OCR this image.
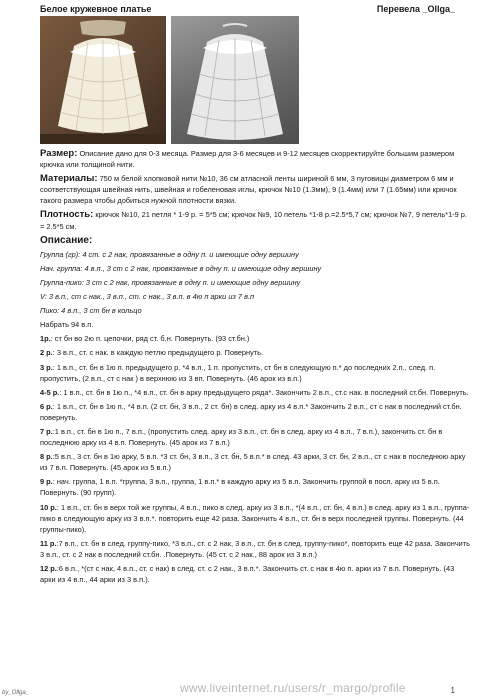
Белое кружевное платье	Перевела _Ollga_

Размер: Описание дано для 0-3 месяца. Размер для 3-6 месяцев и 9-12 месяцев скорректируйте большим размером крючка или толщиной нити.

Материалы: 750 м белой хлопковой нити №10, 36 см атласной ленты шириной 6 мм, 3 пуговицы диаметром 6 мм и соответствующая швейная нить, швейная и гобеленовая иглы, крючок №10 (1.3мм), 9 (1.4мм) или 7 (1.65мм) или крючок такого размера чтобы добиться нужной плотности вязки.

Плотность: крючок №10, 21 петля * 1-9 р. = 5*5 см; крючок №9, 10 петель *1-8 р.=2.5*5,7 см; крючок №7, 9 петель*1-9 р. = 2.5*5 см.

Описание:

Группа (гр): 4 ст. с 2 нак, провязанные в одну п. и имеющие одну вершину

Нач. группа: 4 в.п., 3 ст с 2 нак, провязанные в одну п. и имеющие одну вершину

Группа-пико: 3 ст с 2 нак, провязанные в одну п. и имеющие одну вершину

V: 3 в.п., ст с нак., 3 в.п., ст. с нак., 3 в.п. в 4ю п арки из 7 в.п

Пико: 4 в.п., 3 ст бн в кольцо

Набрать 94 в.п.

1р.: ст бн во 2ю п. цепочки, ряд ст. б.н. Повернуть. (93 ст.бн.)

2 р.: 3 в.п., ст. с нак. в каждую петлю предыдущего р. Повернуть.

3 р.: 1 в.п., ст. бн в 1ю п. предыдущего р. *4 в.п., 1 п. пропустить, ст бн в следующую п.* до последних 2.п., след. п. пропустить, (2 в.п., ст с нак ) в верхнюю из 3 вп. Повернуть. (46 арок из в.п.)

4-5 р.: 1 в.п., ст. бн в 1ю п., *4 в.п., ст. бн в арку предыдущего ряда*. Закончить 2 в.п., ст.с нак. в последний ст.бн. Повернуть.

6 р.: 1 в.п., ст. бн в 1ю п., *4 в.п. (2 ст. бн, 3 в.п., 2 ст. бн) в след. арку из 4 в.п.* Закончить 2 в.п., ст с нак в последний ст.бн. повернуть.

7 р.:1 в.п., ст. бн в 1ю п., 7 в.п., (пропустить след. арку из 3 в.п., ст. бн в след. арку из 4 в.п., 7 в.п.), закончить ст. бн в последнюю арку из 4 в.п. Повернуть. (45 арок из 7 в.п.)

8 р.:5 в.п., 3 ст. бн в 1ю арку, 5 в.п. *3 ст. бн, 3 в.п., 3 ст. бн, 5 в.п.* в след. 43 арки, 3 ст. бн, 2 в.п., ст с нак в последнюю арку из 7 в.п. Повернуть. (45 арок из 5 в.п.)

9 р.: нач. группа, 1 в.п. *группа, 3 в.п., группа, 1 в.п.* в каждую арку из 5 в.п. Закончить группой в посл. арку из 5 в.п. Повернуть. (90 групп).

10 р.: 1 в.п., ст. бн в верх той же группы, 4 в.п., пико в след. арку из 3 в.п., *(4 в.п., ст. бн, 4 в.п.) в след. арку из 1 в.п., группа-пико в следующую арку из 3 в.п.*. повторить еще 42 раза. Закончить 4 в.п., ст. бн в верх последней группы. Повернуть. (44 группы-пико).

11 р.:7 в.п., ст. бн в след. группу-пико, *3 в.п., ст. с 2 нак, 3 в.п., ст. бн в след. группу-пико*, повторить еще 42 раза. Закончить 3 в.п., ст. с 2 нак в последний ст.бн. .Повернуть. (45 ст. с 2 нак., 88 арок из 3 в.п.)

12 р.:6 в.п., *(ст с нак, 4 в.п., ст. с нак) в след. ст. с 2 нак., 3 в.п.*. Закончить ст. с нак в 4ю п. арки из 7 в.п. Повернуть. (43 арки из 4 в.п., 44 арки из 3 в.п.).

by_Ollga_	www.liveinternet.ru/users/r_margo/profile	1
